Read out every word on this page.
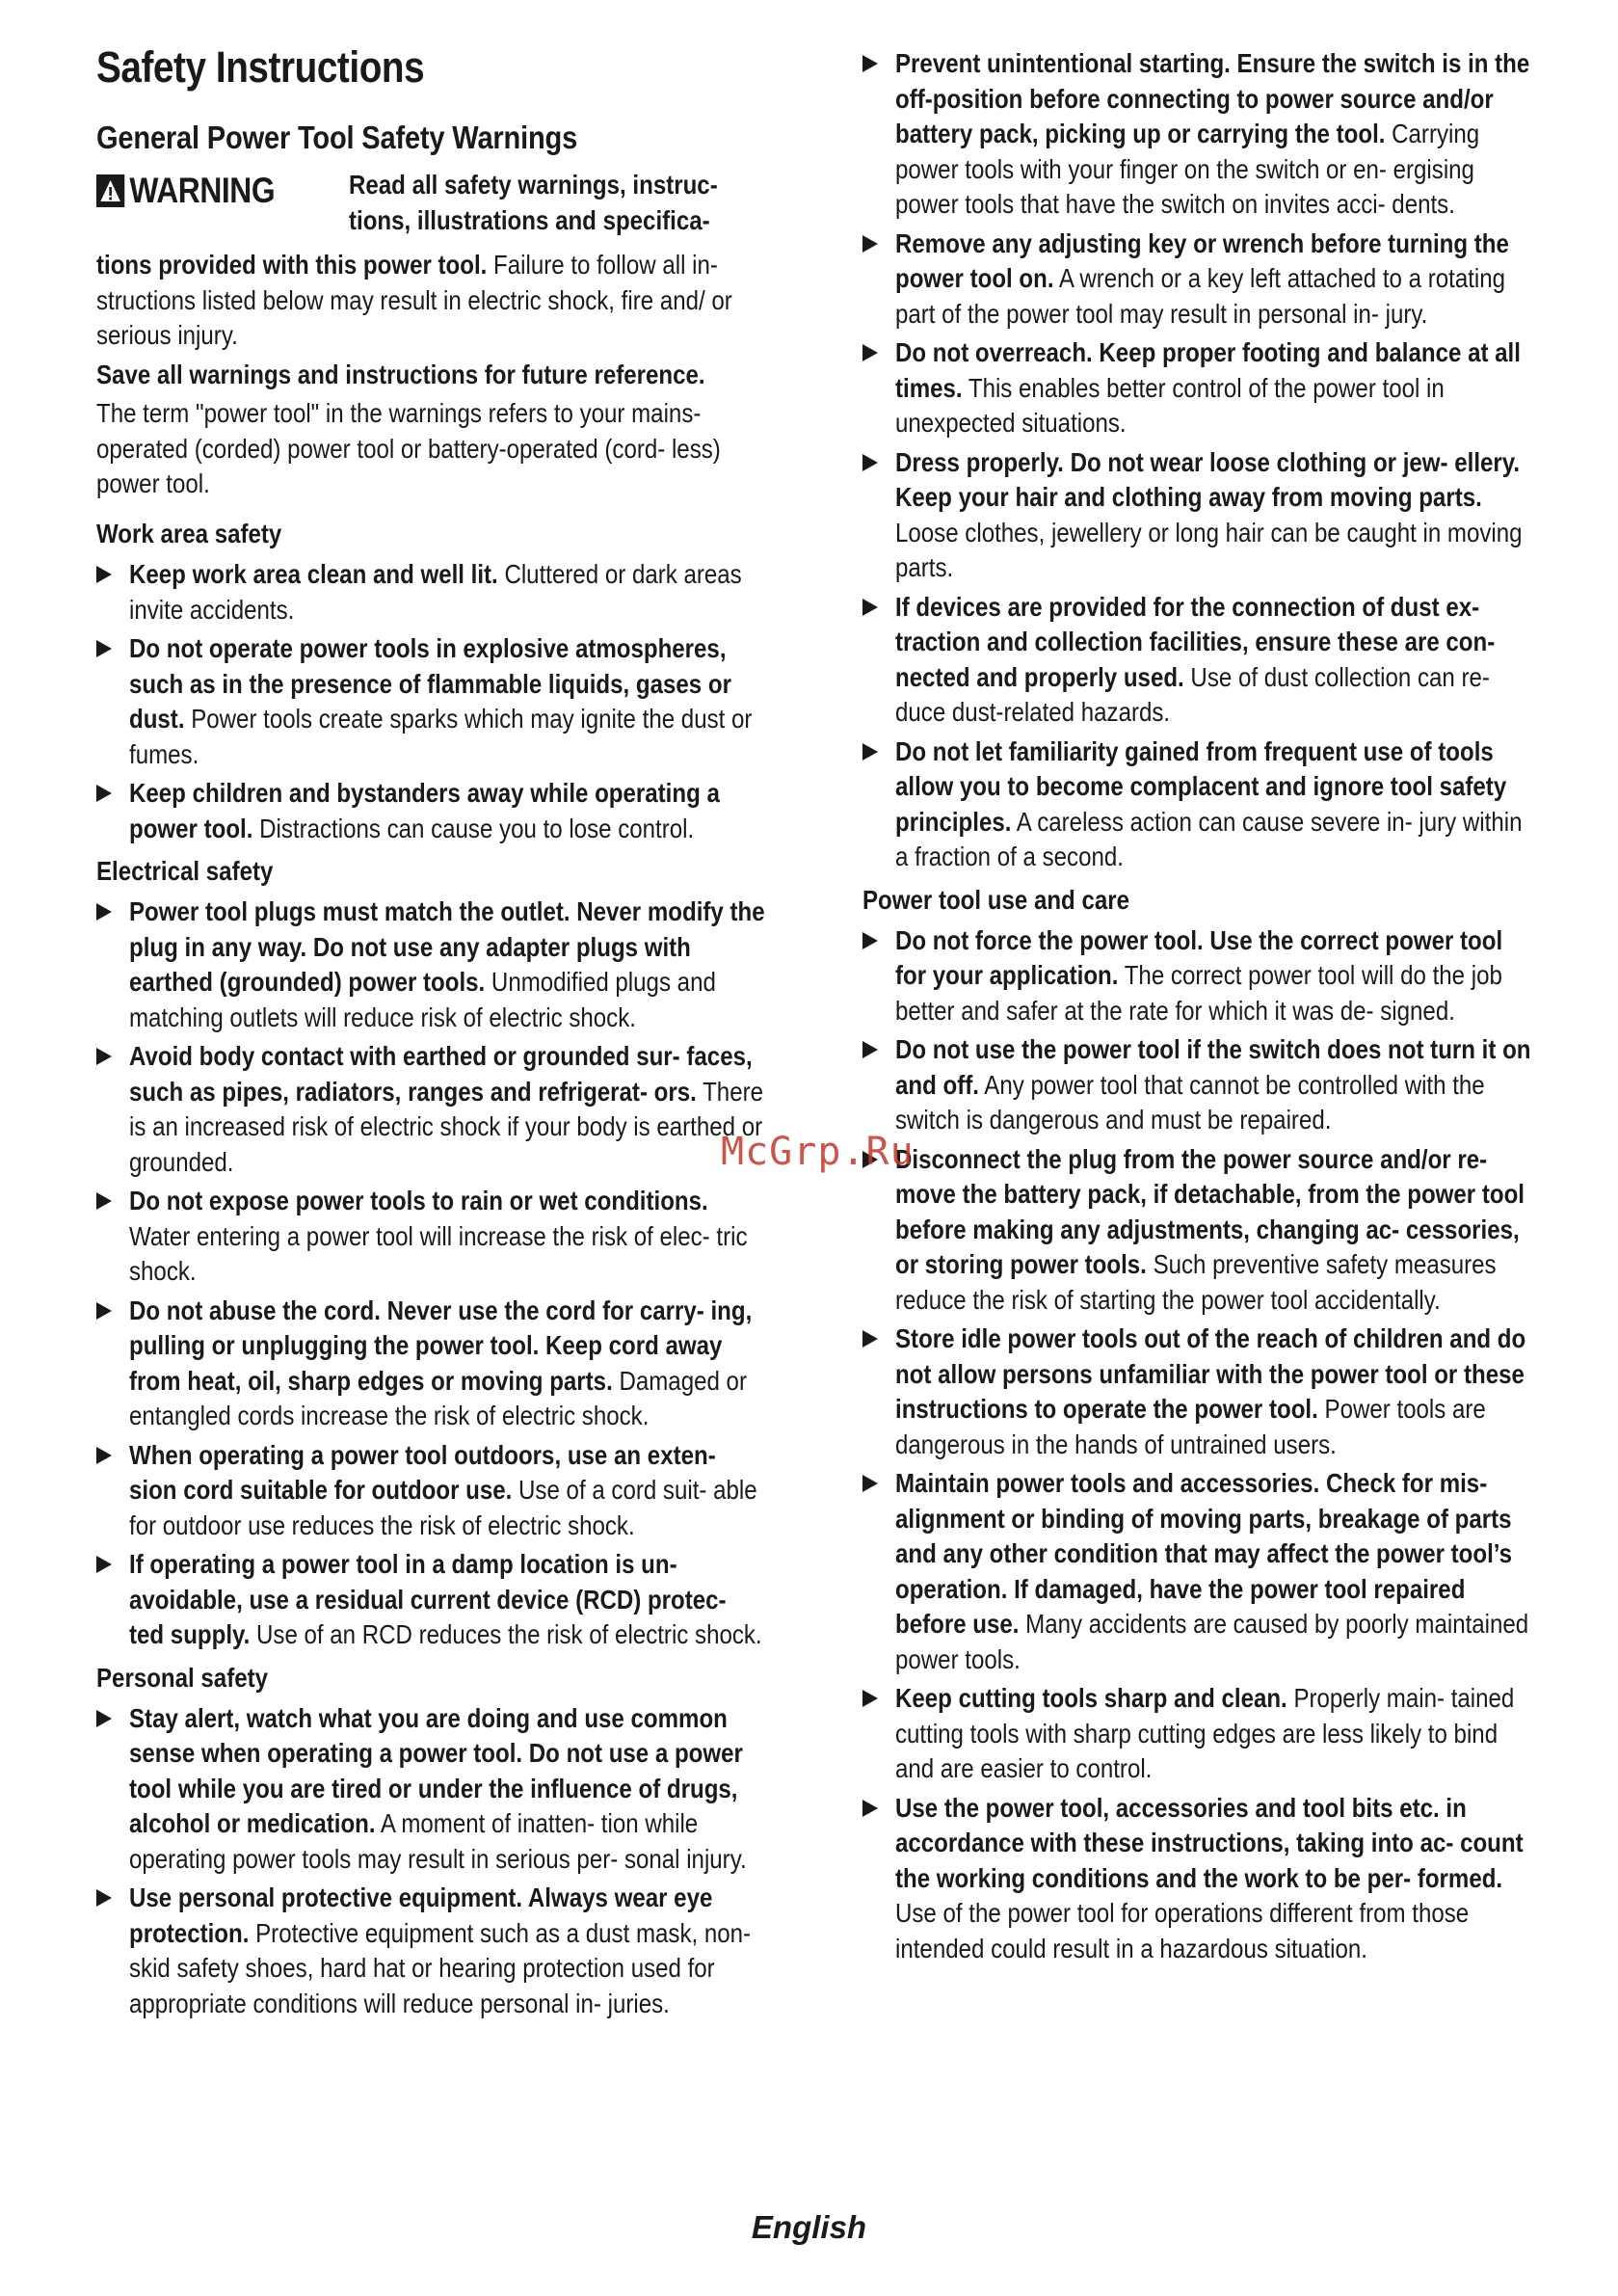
Safety Instructions
General Power Tool Safety Warnings
WARNING	Read all safety warnings, instruc-
tions, illustrations and specifica-
tions provided with this power tool. Failure to follow all in- structions listed below may result in electric shock, fire and/ or serious injury.
Save all warnings and instructions for future reference.
The term "power tool" in the warnings refers to your mains- operated (corded) power tool or battery-operated (cord- less) power tool.
Work area safety
Keep work area clean and well lit. Cluttered or dark areas invite accidents.
Do not operate power tools in explosive atmospheres, such as in the presence of flammable liquids, gases or dust. Power tools create sparks which may ignite the dust or fumes.
Keep children and bystanders away while operating a power tool. Distractions can cause you to lose control.
Electrical safety
Power tool plugs must match the outlet. Never modify the plug in any way. Do not use any adapter plugs with earthed (grounded) power tools. Unmodified plugs and matching outlets will reduce risk of electric shock.
Avoid body contact with earthed or grounded sur- faces, such as pipes, radiators, ranges and refrigerat- ors. There is an increased risk of electric shock if your body is earthed or grounded.
Do not expose power tools to rain or wet conditions. Water entering a power tool will increase the risk of elec- tric shock.
Do not abuse the cord. Never use the cord for carry- ing, pulling or unplugging the power tool. Keep cord away from heat, oil, sharp edges or moving parts. Damaged or entangled cords increase the risk of electric shock.
When operating a power tool outdoors, use an exten- sion cord suitable for outdoor use. Use of a cord suit- able for outdoor use reduces the risk of electric shock.
If operating a power tool in a damp location is un- avoidable, use a residual current device (RCD) protec- ted supply. Use of an RCD reduces the risk of electric shock.
Personal safety
Stay alert, watch what you are doing and use common sense when operating a power tool. Do not use a power tool while you are tired or under the influence of drugs, alcohol or medication. A moment of inatten- tion while operating power tools may result in serious per- sonal injury.
Use personal protective equipment. Always wear eye protection. Protective equipment such as a dust mask, non-skid safety shoes, hard hat or hearing protection used for appropriate conditions will reduce personal in- juries.
Prevent unintentional starting. Ensure the switch is in the off-position before connecting to power source and/or battery pack, picking up or carrying the tool. Carrying power tools with your finger on the switch or en- ergising power tools that have the switch on invites acci- dents.
Remove any adjusting key or wrench before turning the power tool on. A wrench or a key left attached to a rotating part of the power tool may result in personal in- jury.
Do not overreach. Keep proper footing and balance at all times. This enables better control of the power tool in unexpected situations.
Dress properly. Do not wear loose clothing or jew- ellery. Keep your hair and clothing away from moving parts. Loose clothes, jewellery or long hair can be caught in moving parts.
If devices are provided for the connection of dust ex- traction and collection facilities, ensure these are con- nected and properly used. Use of dust collection can re- duce dust-related hazards.
Do not let familiarity gained from frequent use of tools allow you to become complacent and ignore tool safety principles. A careless action can cause severe in- jury within a fraction of a second.
Power tool use and care
Do not force the power tool. Use the correct power tool for your application. The correct power tool will do the job better and safer at the rate for which it was de- signed.
Do not use the power tool if the switch does not turn it on and off. Any power tool that cannot be controlled with the switch is dangerous and must be repaired.
Disconnect the plug from the power source and/or re- move the battery pack, if detachable, from the power tool before making any adjustments, changing ac- cessories, or storing power tools. Such preventive safety measures reduce the risk of starting the power tool accidentally.
Store idle power tools out of the reach of children and do not allow persons unfamiliar with the power tool or these instructions to operate the power tool. Power tools are dangerous in the hands of untrained users.
Maintain power tools and accessories. Check for mis- alignment or binding of moving parts, breakage of parts and any other condition that may affect the power tool’s operation. If damaged, have the power tool repaired before use. Many accidents are caused by poorly maintained power tools.
Keep cutting tools sharp and clean. Properly main- tained cutting tools with sharp cutting edges are less likely to bind and are easier to control.
Use the power tool, accessories and tool bits etc. in accordance with these instructions, taking into ac- count the working conditions and the work to be per- formed. Use of the power tool for operations different from those intended could result in a hazardous situation.
McGrp.Ru
English
